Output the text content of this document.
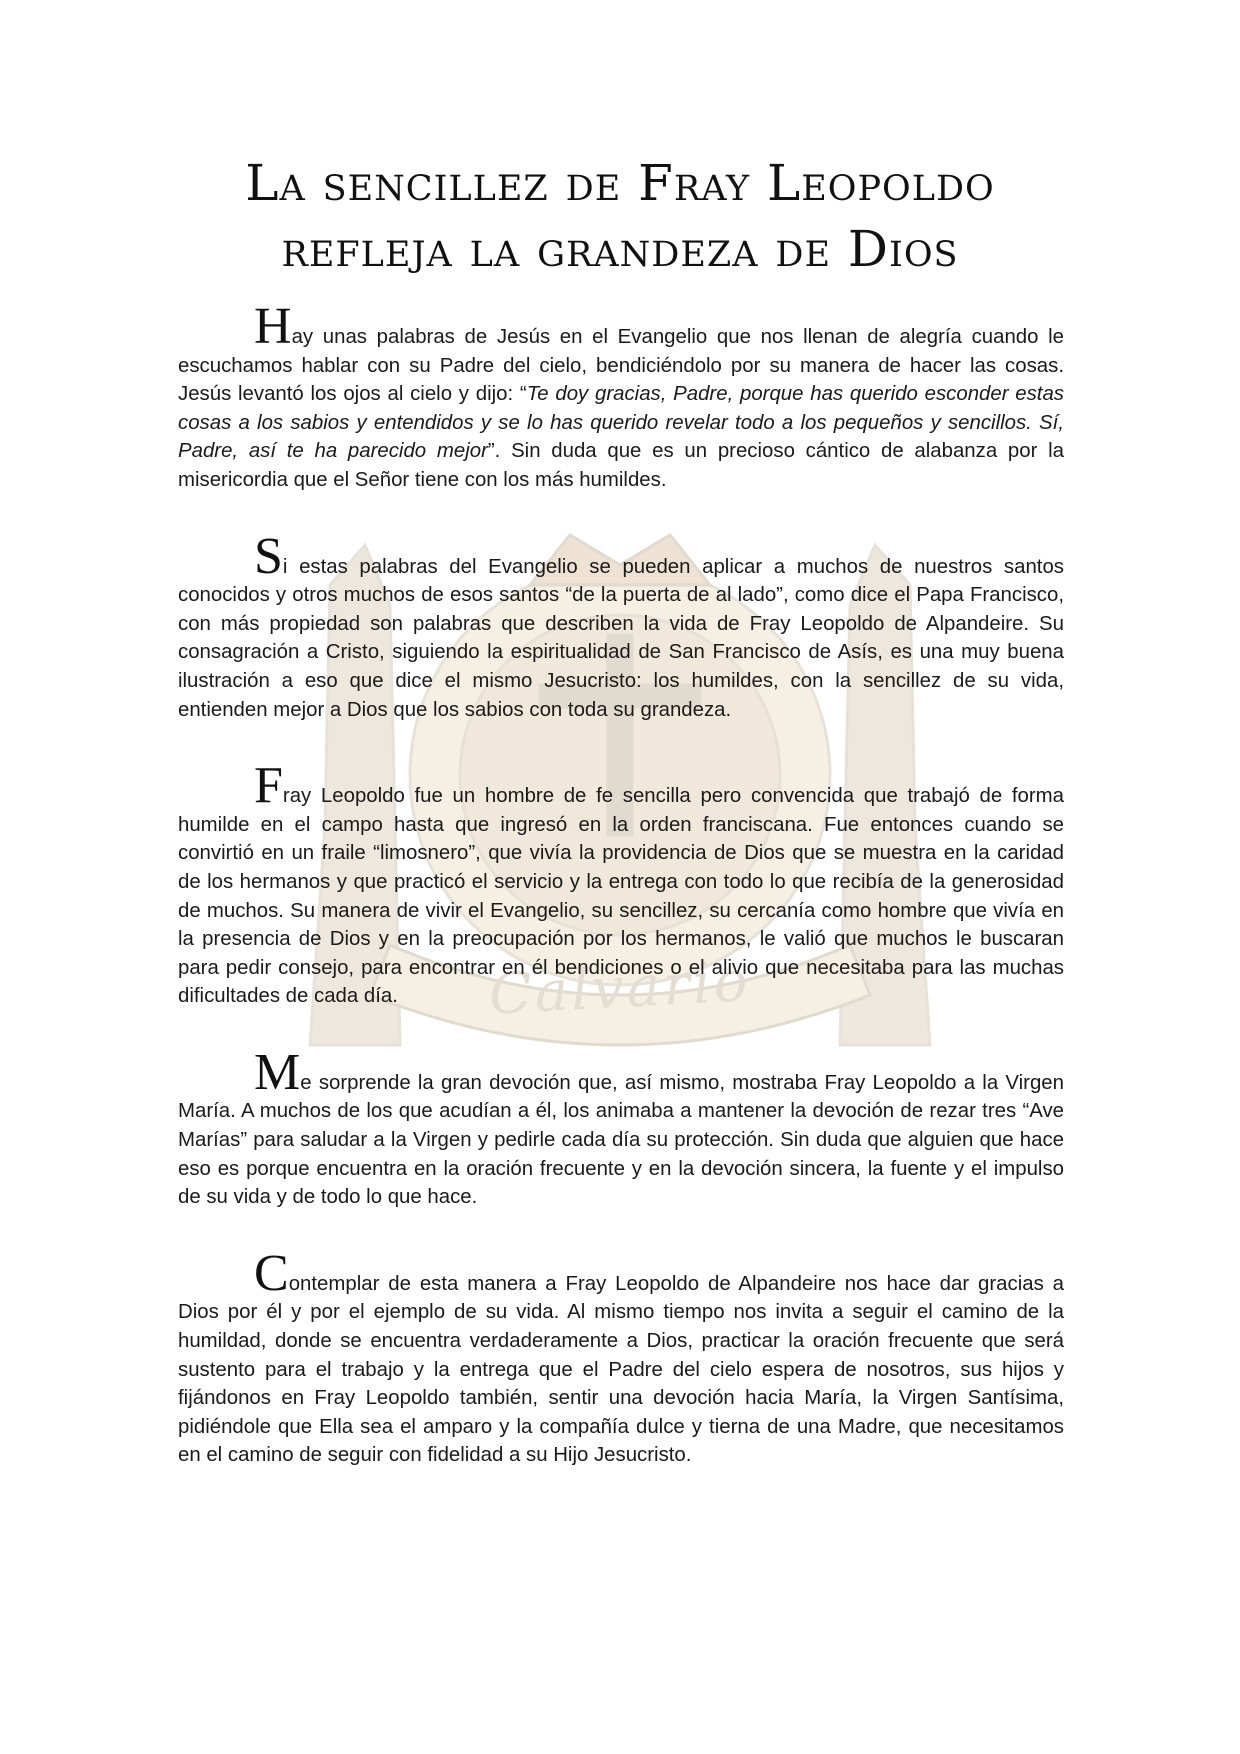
Calvario
La sencillez de Fray Leopoldo
refleja la grandeza de Dios

Hay unas palabras de Jesús en el Evangelio que nos llenan de alegría cuando le escuchamos hablar con su Padre del cielo, bendiciéndolo por su manera de hacer las cosas. Jesús levantó los ojos al cielo y dijo: “Te doy gracias, Padre, porque has querido esconder estas cosas a los sabios y entendidos y se lo has querido revelar todo a los pequeños y sencillos. Sí, Padre, así te ha parecido mejor”. Sin duda que es un precioso cántico de alabanza por la misericordia que el Señor tiene con los más humildes.

Si estas palabras del Evangelio se pueden aplicar a muchos de nuestros santos conocidos y otros muchos de esos santos “de la puerta de al lado”, como dice el Papa Francisco, con más propiedad son palabras que describen la vida de Fray Leopoldo de Alpandeire. Su consagración a Cristo, siguiendo la espiritualidad de San Francisco de Asís, es una muy buena ilustración a eso que dice el mismo Jesucristo: los humildes, con la sencillez de su vida, entienden mejor a Dios que los sabios con toda su grandeza.

Fray Leopoldo fue un hombre de fe sencilla pero convencida que trabajó de forma humilde en el campo hasta que ingresó en la orden franciscana. Fue entonces cuando se convirtió en un fraile “limosnero”, que vivía la providencia de Dios que se muestra en la caridad de los hermanos y que practicó el servicio y la entrega con todo lo que recibía de la generosidad de muchos. Su manera de vivir el Evangelio, su sencillez, su cercanía como hombre que vivía en la presencia de Dios y en la preocupación por los hermanos, le valió que muchos le buscaran para pedir consejo, para encontrar en él bendiciones o el alivio que necesitaba para las muchas dificultades de cada día.

Me sorprende la gran devoción que, así mismo, mostraba Fray Leopoldo a la Virgen María. A muchos de los que acudían a él, los animaba a mantener la devoción de rezar tres “Ave Marías” para saludar a la Virgen y pedirle cada día su protección. Sin duda que alguien que hace eso es porque encuentra en la oración frecuente y en la devoción sincera, la fuente y el impulso de su vida y de todo lo que hace.

Contemplar de esta manera a Fray Leopoldo de Alpandeire nos hace dar gracias a Dios por él y por el ejemplo de su vida. Al mismo tiempo nos invita a seguir el camino de la humildad, donde se encuentra verdaderamente a Dios, practicar la oración frecuente que será sustento para el trabajo y la entrega que el Padre del cielo espera de nosotros, sus hijos y fijándonos en Fray Leopoldo también, sentir una devoción hacia María, la Virgen Santísima, pidiéndole que Ella sea el amparo y la compañía dulce y tierna de una Madre, que necesitamos en el camino de seguir con fidelidad a su Hijo Jesucristo.
